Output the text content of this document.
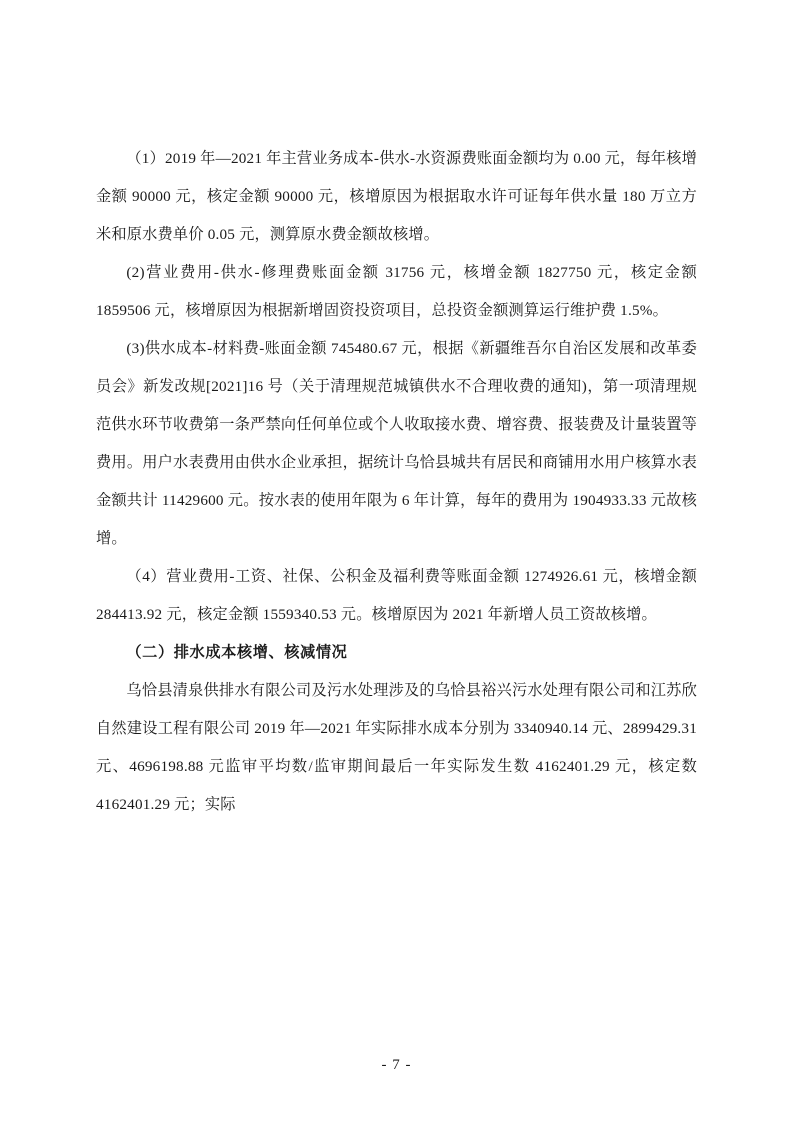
（1）2019 年—2021 年主营业务成本-供水-水资源费账面金额均为 0.00 元，每年核增金额 90000 元，核定金额 90000 元，核增原因为根据取水许可证每年供水量 180 万立方米和原水费单价 0.05 元，测算原水费金额故核增。

(2)营业费用-供水-修理费账面金额 31756 元，核增金额 1827750 元，核定金额 1859506 元，核增原因为根据新增固资投资项目，总投资金额测算运行维护费 1.5%。

(3)供水成本-材料费-账面金额 745480.67 元，根据《新疆维吾尔自治区发展和改革委员会》新发改规[2021]16 号（关于清理规范城镇供水不合理收费的通知)，第一项清理规范供水环节收费第一条严禁向任何单位或个人收取接水费、增容费、报装费及计量装置等费用。用户水表费用由供水企业承担，据统计乌恰县城共有居民和商铺用水用户核算水表金额共计 11429600 元。按水表的使用年限为 6 年计算，每年的费用为 1904933.33 元故核增。

（4）营业费用-工资、社保、公积金及福利费等账面金额 1274926.61 元，核增金额 284413.92 元，核定金额 1559340.53 元。核增原因为 2021 年新增人员工资故核增。

（二）排水成本核增、核减情况

乌恰县清泉供排水有限公司及污水处理涉及的乌恰县裕兴污水处理有限公司和江苏欣自然建设工程有限公司 2019 年—2021 年实际排水成本分别为 3340940.14 元、2899429.31 元、4696198.88 元监审平均数/监审期间最后一年实际发生数 4162401.29 元，核定数 4162401.29 元；实际

- 7 -
